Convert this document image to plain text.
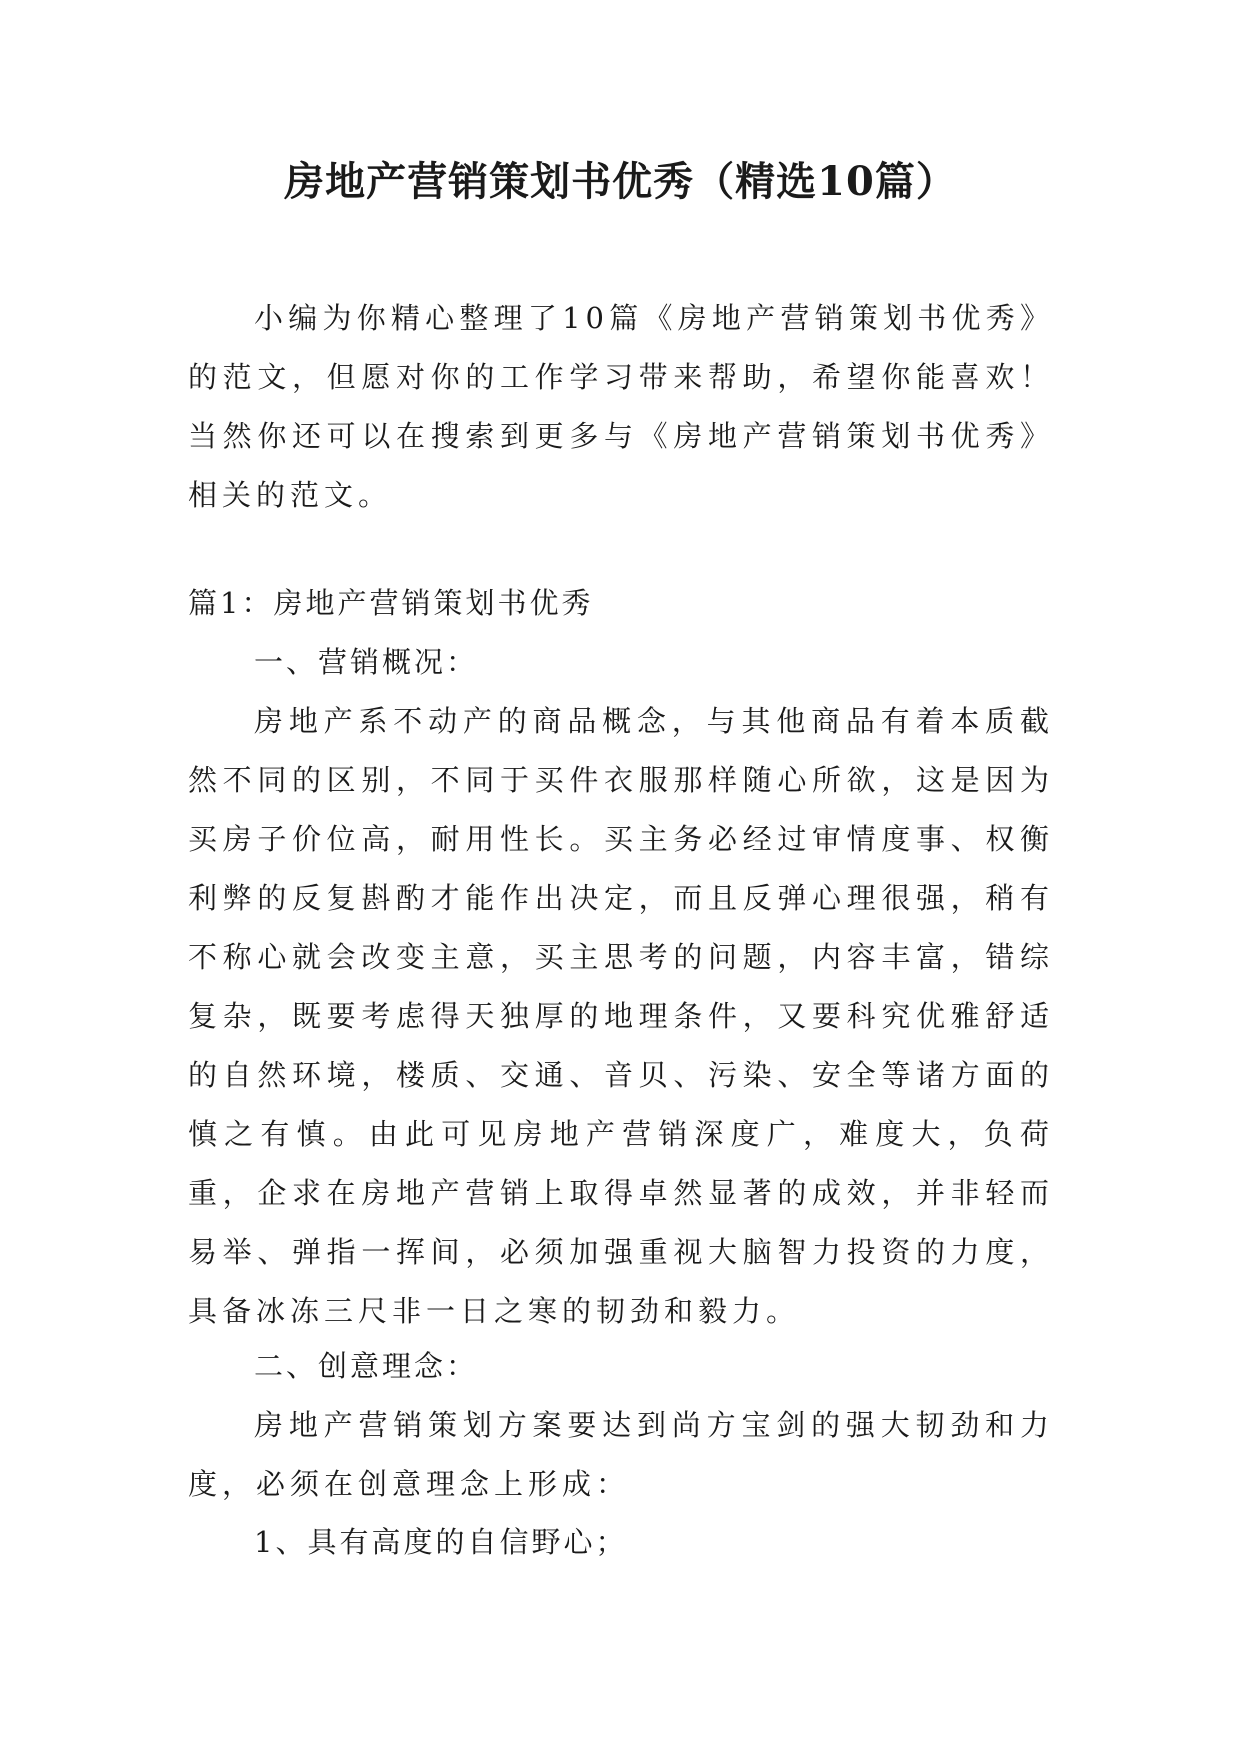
房地产营销策划书优秀（精选10篇）

小编为你精心整理了10篇《房地产营销策划书优秀》的范文，但愿对你的工作学习带来帮助，希望你能喜欢！当然你还可以在搜索到更多与《房地产营销策划书优秀》相关的范文。

篇1：房地产营销策划书优秀
一、营销概况：

房地产系不动产的商品概念，与其他商品有着本质截然不同的区别，不同于买件衣服那样随心所欲，这是因为买房子价位高，耐用性长。买主务必经过审情度事、权衡利弊的反复斟酌才能作出决定，而且反弹心理很强，稍有不称心就会改变主意，买主思考的问题，内容丰富，错综复杂，既要考虑得天独厚的地理条件，又要科究优雅舒适的自然环境，楼质、交通、音贝、污染、安全等诸方面的慎之有慎。由此可见房地产营销深度广，难度大，负荷重，企求在房地产营销上取得卓然显著的成效，并非轻而易举、弹指一挥间，必须加强重视大脑智力投资的力度，具备冰冻三尺非一日之寒的韧劲和毅力。

二、创意理念：

房地产营销策划方案要达到尚方宝剑的强大韧劲和力度，必须在创意理念上形成：

1、具有高度的自信野心；
